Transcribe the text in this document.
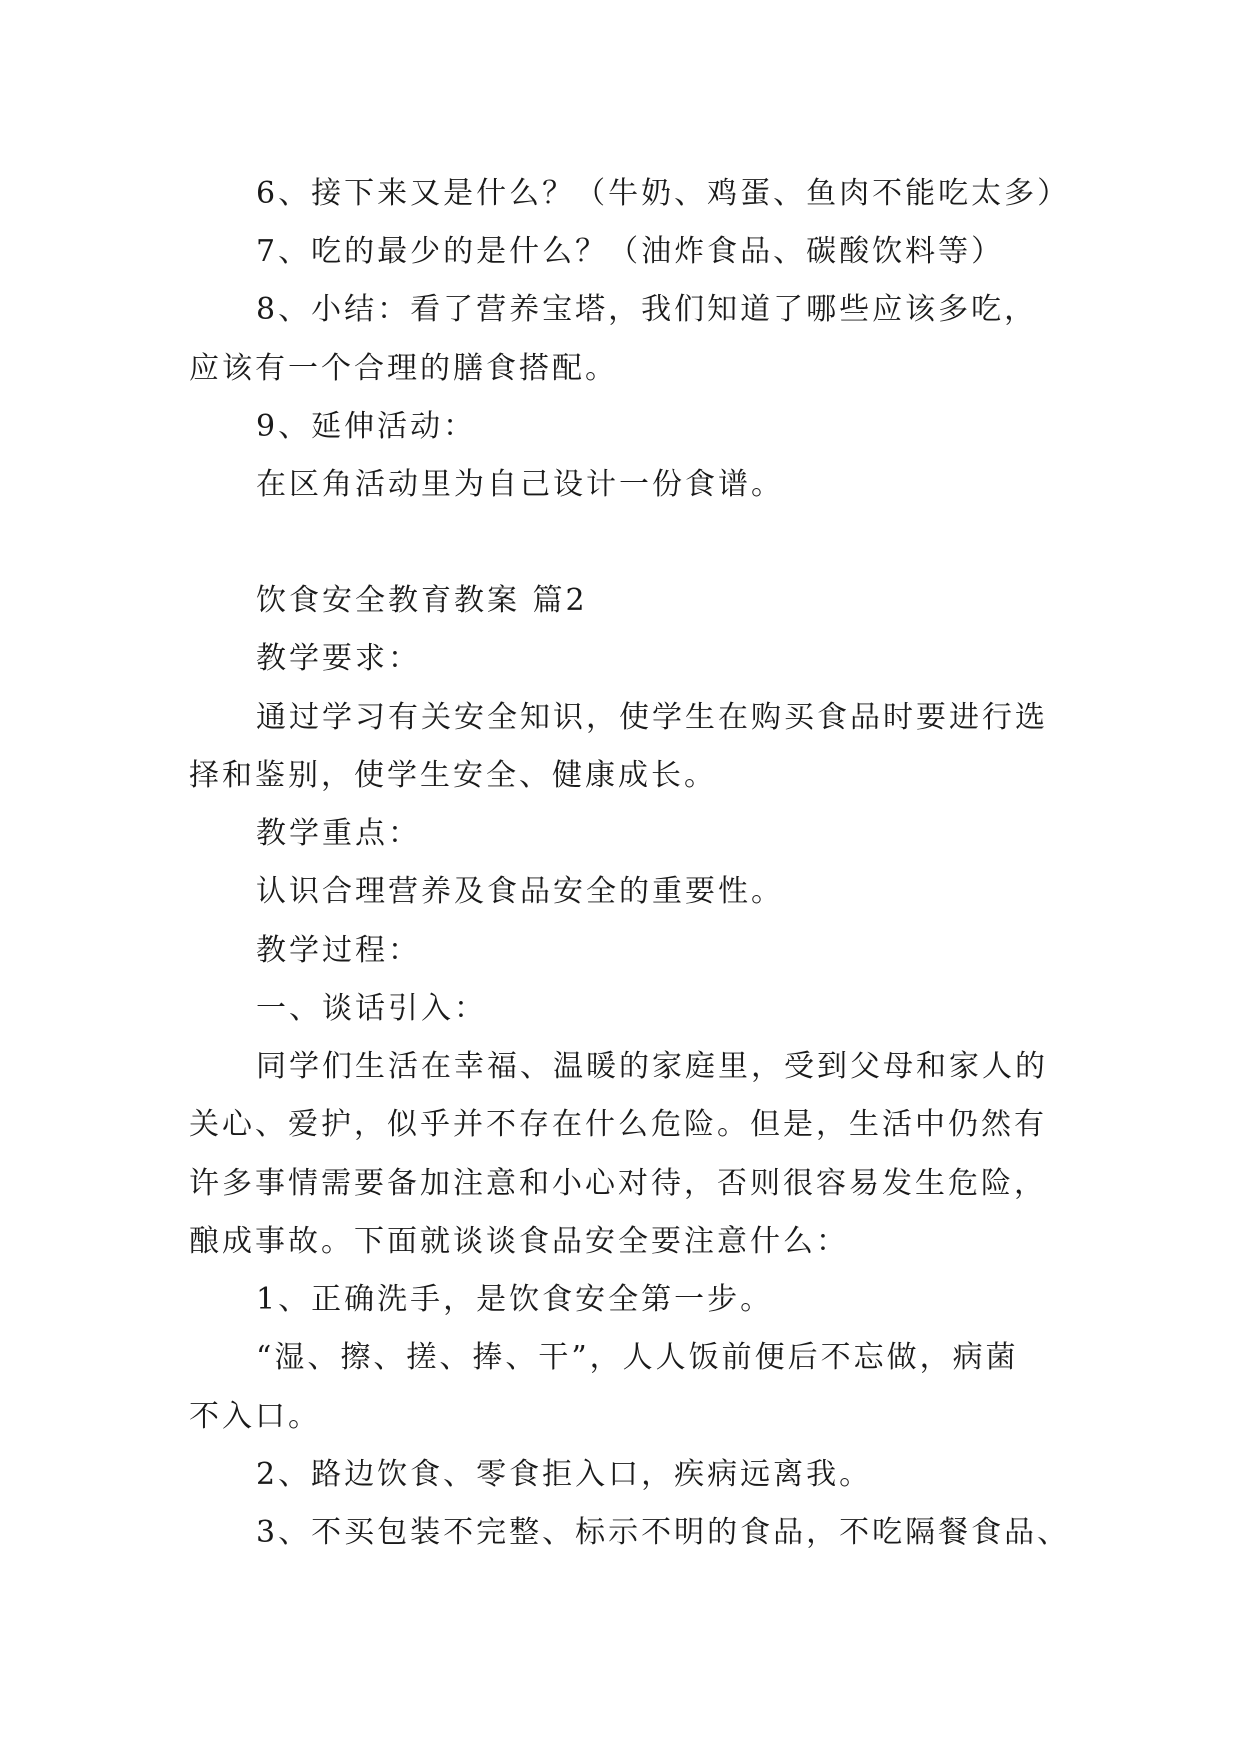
6、接下来又是什么？（牛奶、鸡蛋、鱼肉不能吃太多）
7、吃的最少的是什么？（油炸食品、碳酸饮料等）
8、小结：看了营养宝塔，我们知道了哪些应该多吃，
应该有一个合理的膳食搭配。
9、延伸活动：
在区角活动里为自己设计一份食谱。
饮食安全教育教案 篇2
教学要求：
通过学习有关安全知识，使学生在购买食品时要进行选
择和鉴别，使学生安全、健康成长。
教学重点：
认识合理营养及食品安全的重要性。
教学过程：
一、谈话引入：
同学们生活在幸福、温暖的家庭里，受到父母和家人的
关心、爱护，似乎并不存在什么危险。但是，生活中仍然有
许多事情需要备加注意和小心对待，否则很容易发生危险，
酿成事故。下面就谈谈食品安全要注意什么：
1、正确洗手，是饮食安全第一步。
“湿、擦、搓、捧、干”，人人饭前便后不忘做，病菌
不入口。
2、路边饮食、零食拒入口，疾病远离我。
3、不买包装不完整、标示不明的食品，不吃隔餐食品、
